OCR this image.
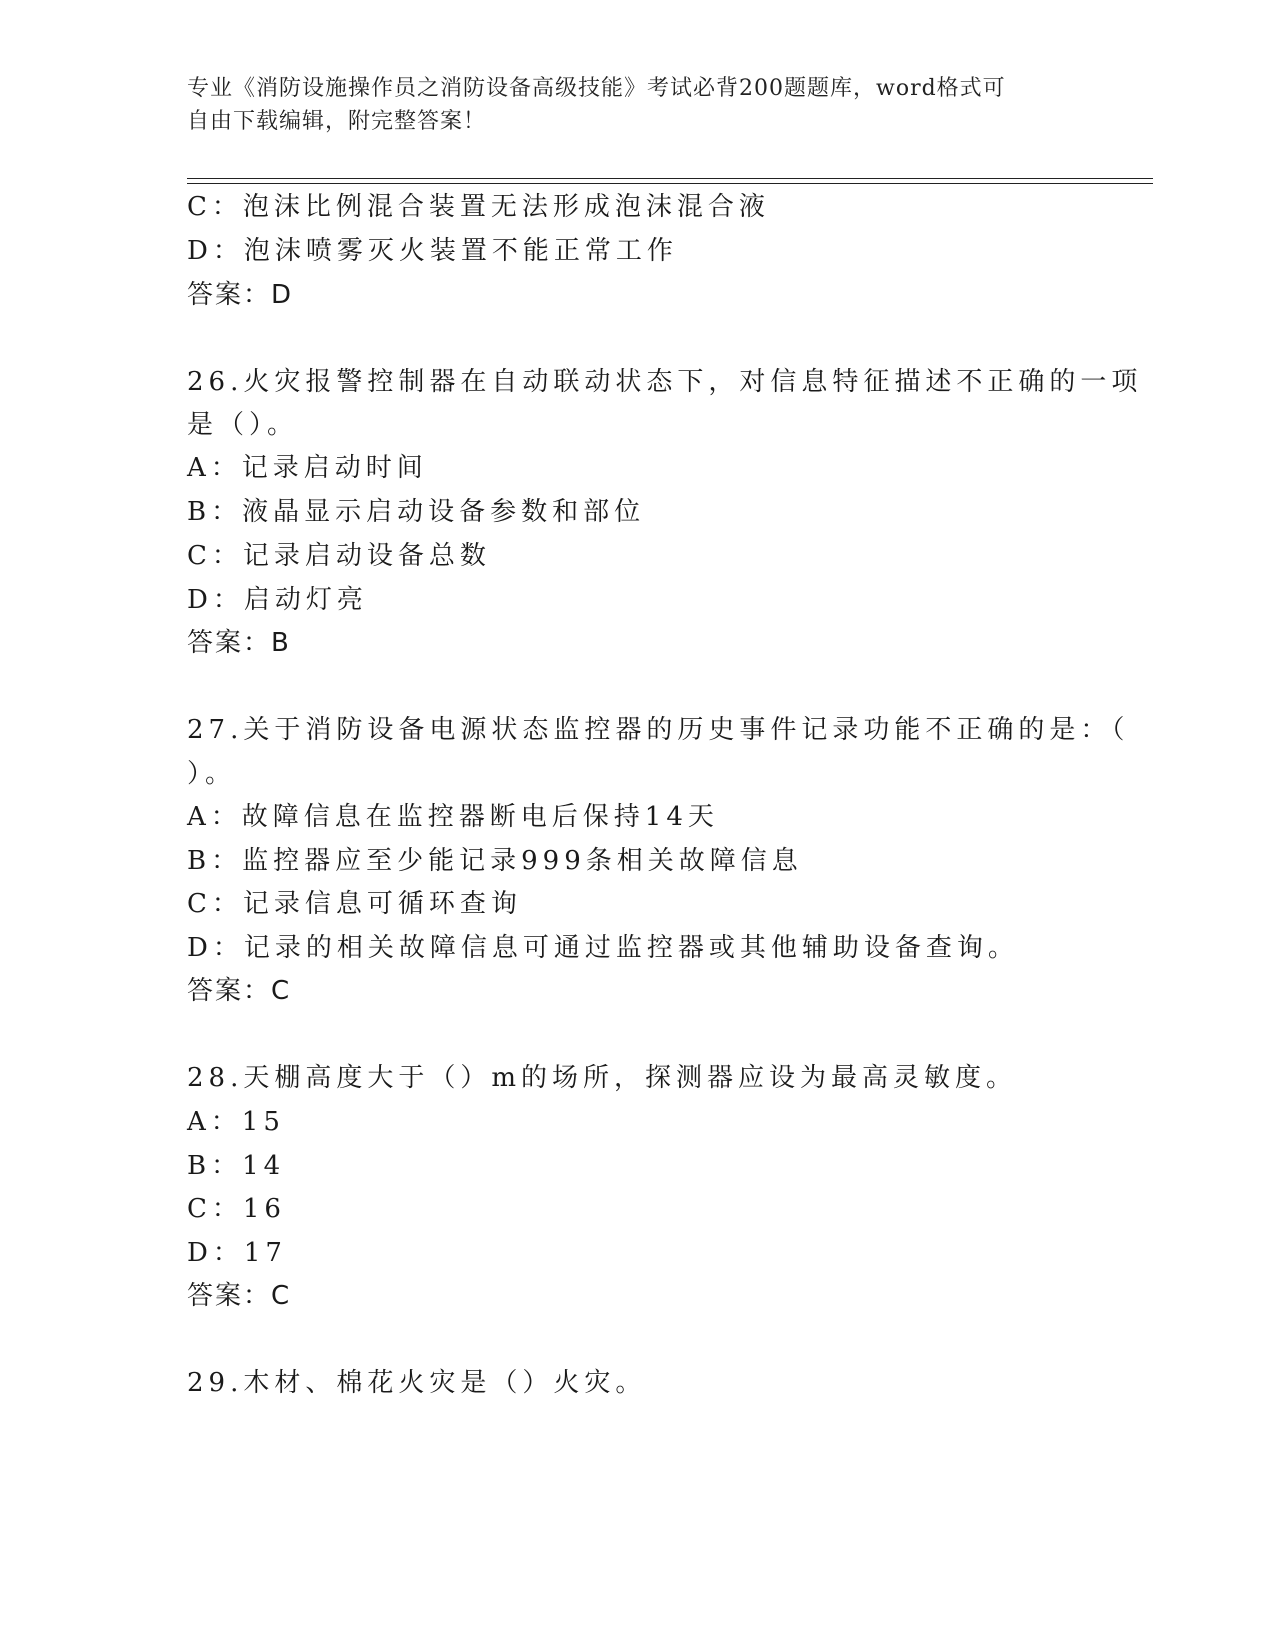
专业《消防设施操作员之消防设备高级技能》考试必背200题题库，word格式可
自由下载编辑，附完整答案！
C：泡沫比例混合装置无法形成泡沫混合液
D：泡沫喷雾灭火装置不能正常工作
答案：D
26.火灾报警控制器在自动联动状态下，对信息特征描述不正确的一项
是（）。
A：记录启动时间
B：液晶显示启动设备参数和部位
C：记录启动设备总数
D：启动灯亮
答案：B
27.关于消防设备电源状态监控器的历史事件记录功能不正确的是：（
）。
A：故障信息在监控器断电后保持14天
B：监控器应至少能记录999条相关故障信息
C：记录信息可循环查询
D：记录的相关故障信息可通过监控器或其他辅助设备查询。
答案：C
28.天棚高度大于（）m的场所，探测器应设为最高灵敏度。
A：15
B：14
C：16
D：17
答案：C
29.木材、棉花火灾是（）火灾。
